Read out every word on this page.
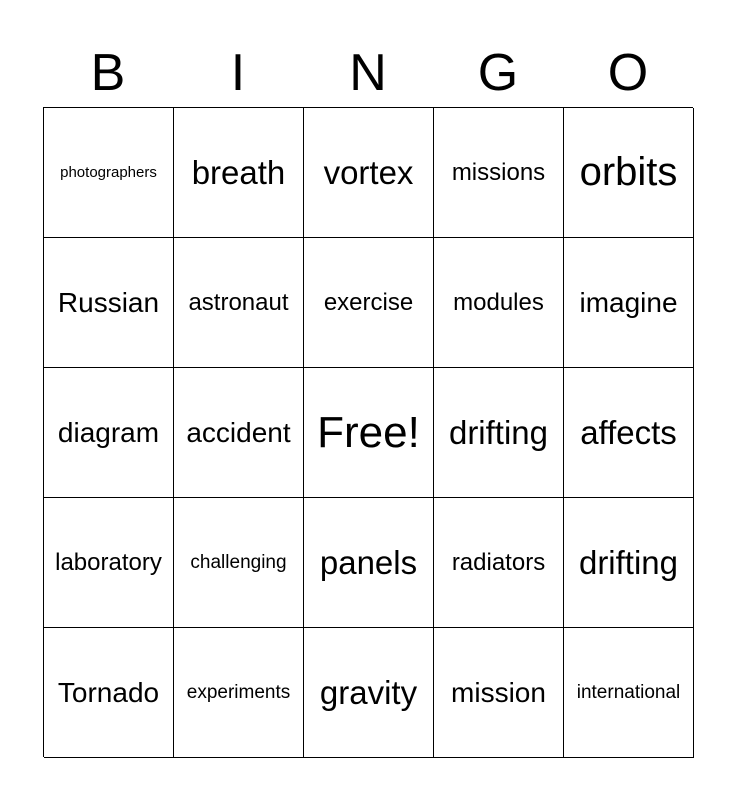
B	I	N	G	O
photographers	breath	vortex	missions orbits
Russian	astronaut	exercise	modules	imagine
diagram accident Free! drifting affects
laboratory	challenging	panels	radiators	drifting
Tornado	experiments gravity	mission	international
